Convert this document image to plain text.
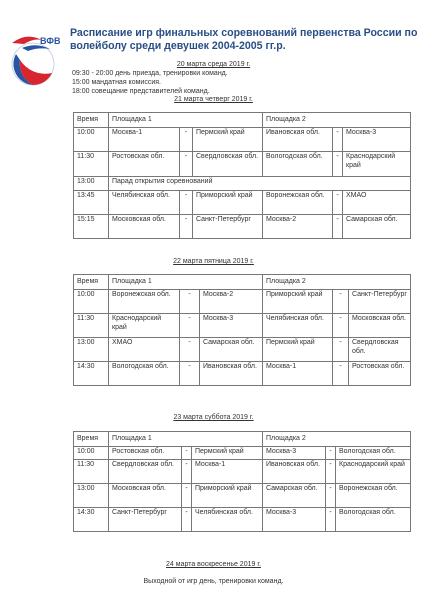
ВФВ
Расписание игр финальных соревнований первенства России по волейболу среди девушек 2004-2005 гг.р.
20 марта среда 2019 г.
09:30 - 20:00 день приезда, тренировки команд.
15:00 мандатная комиссия.
18:00 совещание представителей команд.
21 марта четверг 2019 г.
Время	Площадка 1			Площадка 2		
10:00	Москва-1	-	Пермский край	Ивановская обл.	-	Москва-3
11:30	Ростовская обл.	-	Свердловская обл.	Вологодская обл.	-	Краснодарский край
13:00	Парад открытия соревнований					
13:45	Челябинская обл.	-	Приморский край	Воронежская обл.	-	ХМАО
15:15	Московская обл.	-	Санкт-Петербург	Москва-2	-	Самарская обл.
22 марта пятница 2019 г.
Время	Площадка 1			Площадка 2		
10:00	Воронежская обл.	-	Москва-2	Приморский край	-	Санкт-Петербург
11:30	Краснодарский край	-	Москва-3	Челябинская обл.	-	Московская обл.
13:00	ХМАО	-	Самарская обл.	Пермский край	-	Свердловская обл.
14:30	Вологодская обл.	-	Ивановская обл.	Москва-1	-	Ростовская обл.
23 марта суббота 2019 г.
Время	Площадка 1			Площадка 2		
10:00	Ростовская обл.	-	Пермский край	Москва-3	-	Вологодская обл.
11:30	Свердловская обл.	-	Москва-1	Ивановская обл.	-	Краснодарский край
13:00	Московская обл.	-	Приморский край	Самарская обл.	-	Воронежская обл.
14:30	Санкт-Петербург	-	Челябинская обл.	Москва-3	-	Вологодская обл.
24 марта воскресенье 2019 г.
Выходной от игр день, тренировки команд.
